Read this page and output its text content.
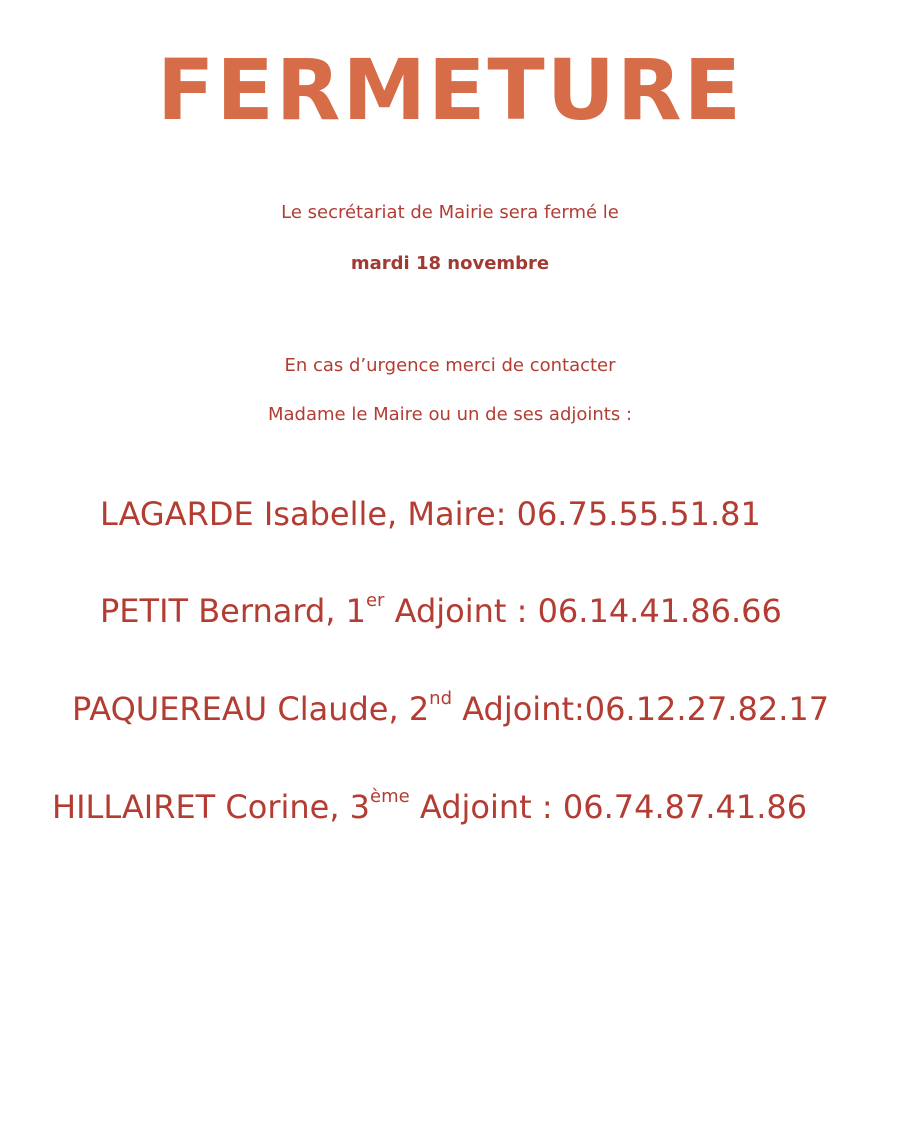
FERMETURE

Le secrétariat de Mairie sera fermé le

mardi 18 novembre

En cas d’urgence merci de contacter

Madame le Maire ou un de ses adjoints :

LAGARDE Isabelle, Maire: 06.75.55.51.81

PETIT Bernard, 1er Adjoint : 06.14.41.86.66

PAQUEREAU Claude, 2nd Adjoint:06.12.27.82.17

HILLAIRET Corine, 3ème Adjoint : 06.74.87.41.86
